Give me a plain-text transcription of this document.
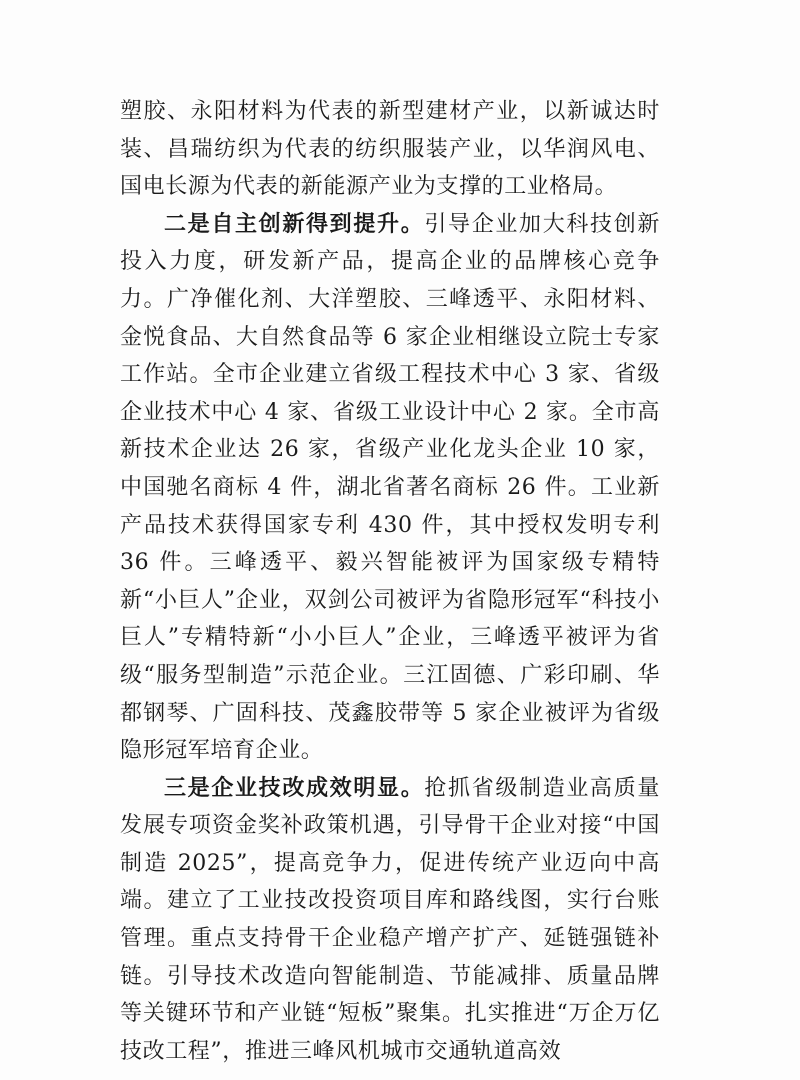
塑胶、永阳材料为代表的新型建材产业，以新诚达时装、昌瑞纺织为代表的纺织服装产业，以华润风电、国电长源为代表的新能源产业为支撑的工业格局。

二是自主创新得到提升。引导企业加大科技创新投入力度，研发新产品，提高企业的品牌核心竞争力。广净催化剂、大洋塑胶、三峰透平、永阳材料、金悦食品、大自然食品等 6 家企业相继设立院士专家工作站。全市企业建立省级工程技术中心 3 家、省级企业技术中心 4 家、省级工业设计中心 2 家。全市高新技术企业达 26 家，省级产业化龙头企业 10 家，中国驰名商标 4 件，湖北省著名商标 26 件。工业新产品技术获得国家专利 430 件，其中授权发明专利 36 件。三峰透平、毅兴智能被评为国家级专精特新“小巨人”企业，双剑公司被评为省隐形冠军“科技小巨人”专精特新“小小巨人”企业，三峰透平被评为省级“服务型制造”示范企业。三江固德、广彩印刷、华都钢琴、广固科技、茂鑫胶带等 5 家企业被评为省级隐形冠军培育企业。

三是企业技改成效明显。抢抓省级制造业高质量发展专项资金奖补政策机遇，引导骨干企业对接“中国制造 2025”，提高竞争力，促进传统产业迈向中高端。建立了工业技改投资项目库和路线图，实行台账管理。重点支持骨干企业稳产增产扩产、延链强链补链。引导技术改造向智能制造、节能减排、质量品牌等关键环节和产业链“短板”聚集。扎实推进“万企万亿技改工程”，推进三峰风机城市交通轨道高效
